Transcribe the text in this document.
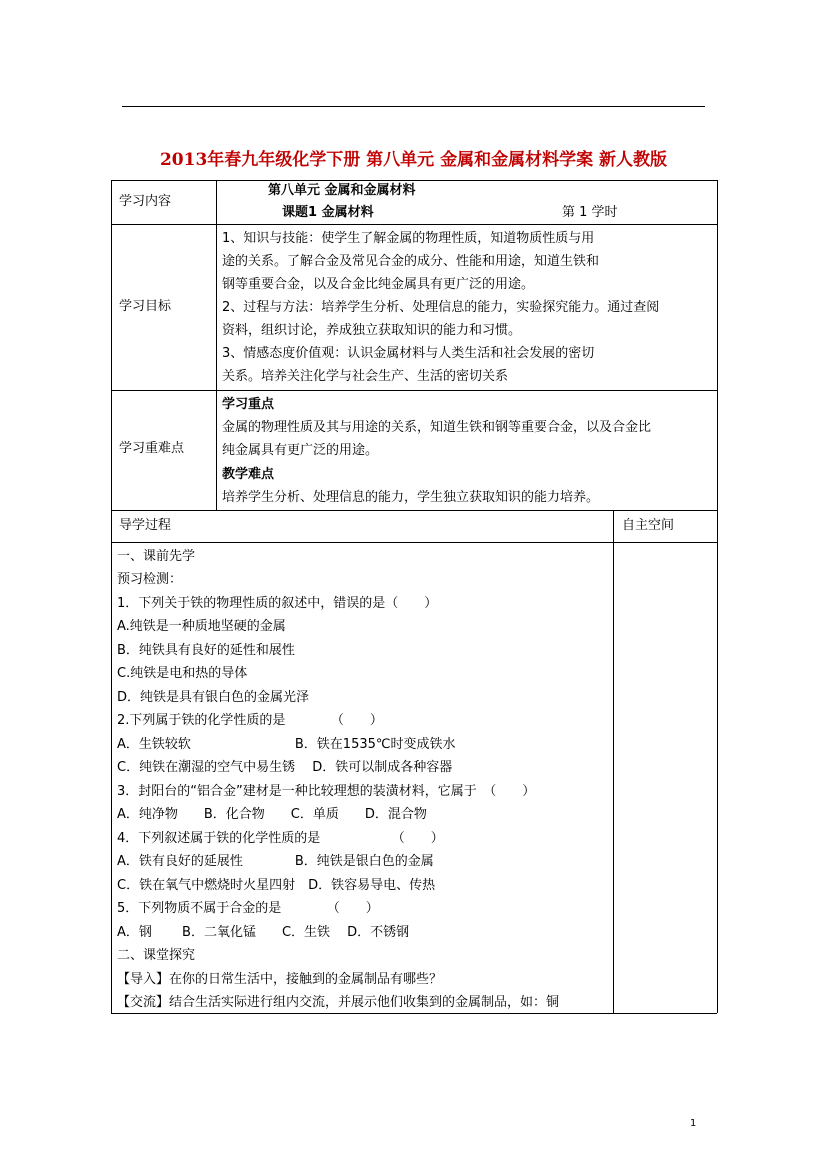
2013年春九年级化学下册 第八单元 金属和金属材料学案 新人教版
学习内容
第八单元 金属和金属材料
课题1 金属材料	第 1 学时
学习目标
1、知识与技能：使学生了解金属的物理性质，知道物质性质与用
途的关系。了解合金及常见合金的成分、性能和用途，知道生铁和
钢等重要合金，以及合金比纯金属具有更广泛的用途。
2、过程与方法：培养学生分析、处理信息的能力，实验探究能力。通过查阅
资料，组织讨论，养成独立获取知识的能力和习惯。
3、情感态度价值观：认识金属材料与人类生活和社会发展的密切
关系。培养关注化学与社会生产、生活的密切关系
学习重难点
学习重点
金属的物理性质及其与用途的关系，知道生铁和钢等重要合金，以及合金比
纯金属具有更广泛的用途。
教学难点
培养学生分析、处理信息的能力，学生独立获取知识的能力培养。
导学过程	自主空间
一、课前先学
预习检测：
1．下列关于铁的物理性质的叙述中，错误的是（　　）
A.纯铁是一种质地坚硬的金属
B．纯铁具有良好的延性和展性
C.纯铁是电和热的导体
D．纯铁是具有银白色的金属光泽
2.下列属于铁的化学性质的是　　　　（　　）
A．生铁较软　　　　　　　　B．铁在1535℃时变成铁水
C．纯铁在潮湿的空气中易生锈　 D．铁可以制成各种容器
3．封阳台的“铝合金”建材是一种比较理想的装潢材料，它属于　（　　）
A．纯净物　　B．化合物　　C．单质　　D．混合物
4．下列叙述属于铁的化学性质的是　　　　　　（　　）
A．铁有良好的延展性　　　　B．纯铁是银白色的金属
C．铁在氧气中燃烧时火星四射　D．铁容易导电、传热
5．下列物质不属于合金的是　　　　（　　）
A．钢　　 B．二氧化锰　　C．生铁　 D．不锈钢
二、课堂探究
【导入】在你的日常生活中，接触到的金属制品有哪些？
【交流】结合生活实际进行组内交流，并展示他们收集到的金属制品，如：铜
1
